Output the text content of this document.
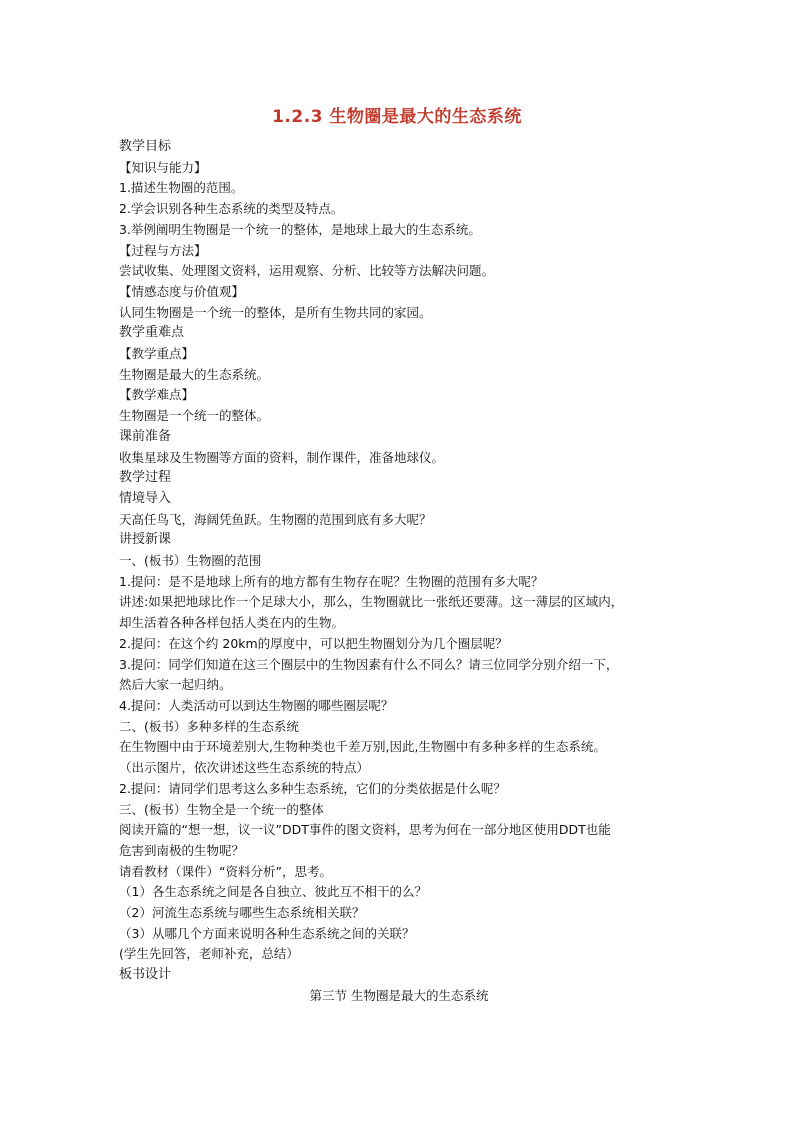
1.2.3 生物圈是最大的生态系统

教学目标

【知识与能力】

1.描述生物圈的范围。

2.学会识别各种生态系统的类型及特点。

3.举例阐明生物圈是一个统一的整体，是地球上最大的生态系统。

【过程与方法】

尝试收集、处理图文资料，运用观察、分析、比较等方法解决问题。

【情感态度与价值观】

认同生物圈是一个统一的整体，是所有生物共同的家园。

教学重难点

【教学重点】

生物圈是最大的生态系统。

【教学难点】

生物圈是一个统一的整体。

课前准备

收集星球及生物圈等方面的资料，制作课件，准备地球仪。

教学过程

情境导入

天高任鸟飞，海阔凭鱼跃。生物圈的范围到底有多大呢？

讲授新课

一、(板书）生物圈的范围

1.提问：是不是地球上所有的地方都有生物存在呢？生物圈的范围有多大呢？

讲述:如果把地球比作一个足球大小，那么，生物圈就比一张纸还要薄。这一薄层的区域内，

却生活着各种各样包括人类在内的生物。

2.提问：在这个约 20km的厚度中，可以把生物圈划分为几个圈层呢？

3.提问：同学们知道在这三个圈层中的生物因素有什么不同么？请三位同学分别介绍一下，

然后大家一起归纳。

4.提问：人类活动可以到达生物圈的哪些圈层呢？

二、(板书）多种多样的生态系统

在生物圈中由于环境差别大,生物种类也千差万别,因此,生物圈中有多种多样的生态系统。

（出示图片，依次讲述这些生态系统的特点）

2.提问：请同学们思考这么多种生态系统，它们的分类依据是什么呢？

三、(板书）生物全是一个统一的整体

阅读开篇的“想一想，议一议”DDT事件的图文资料，思考为何在一部分地区使用DDT也能

危害到南极的生物呢？

请看教材（课件）“资料分析”，思考。

（1）各生态系统之间是各自独立、彼此互不相干的么？

（2）河流生态系统与哪些生态系统相关联？

（3）从哪几个方面来说明各种生态系统之间的关联？

(学生先回答，老师补充，总结）

板书设计

第三节 生物圈是最大的生态系统
